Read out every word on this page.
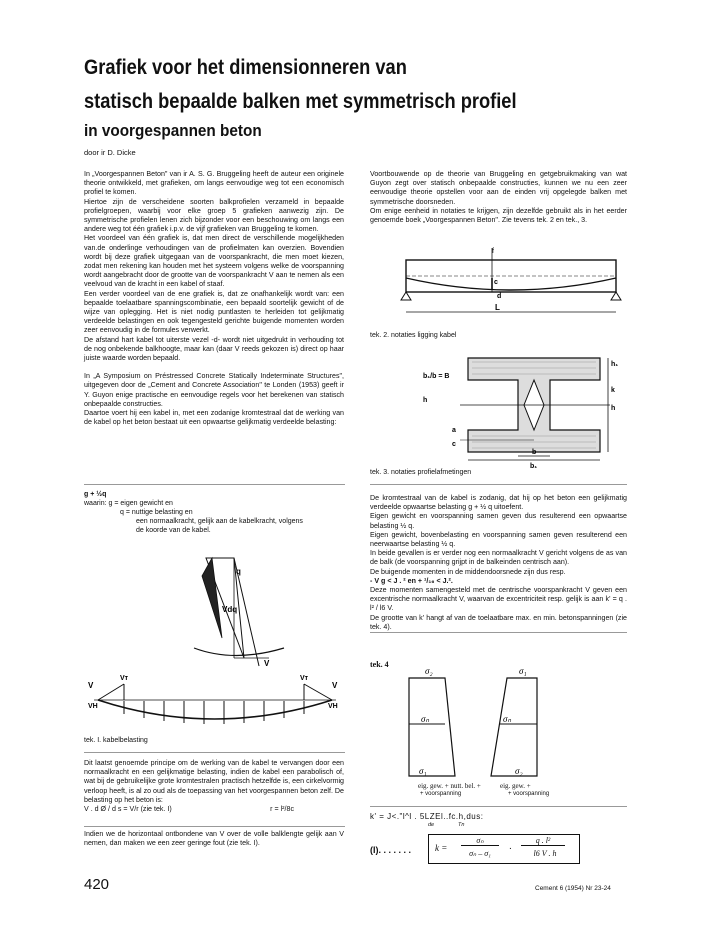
Grafiek voor het dimensionneren van
statisch bepaalde balken met symmetrisch profiel
in voorgespannen beton
door ir D. Dicke

In „Voorgespannen Beton" van ir A. S. G. Bruggeling heeft de auteur een originele theorie ontwikkeld, met grafieken, om langs eenvoudige weg tot een economisch profiel te komen.

Hiertoe zijn de verscheidene soorten balkprofielen verzameld in bepaalde profielgroepen, waarbij voor elke groep 5 grafieken aanwezig zijn. De symmetrische profielen lenen zich bijzonder voor een beschouwing om langs een andere weg tot één grafiek i.p.v. de vijf grafieken van Bruggeling te komen.

Het voordeel van één grafiek is, dat men direct de verschillende mogelijkheden van.de onderlinge verhoudingen van de profielmaten kan overzien. Bovendien wordt bij deze grafiek uitgegaan van de voorspankracht, die men moet kiezen, zodat men rekening kan houden met het systeem volgens welke de voorspanning wordt aangebracht door de grootte van de voorspankracht V aan te nemen als een veelvoud van de kracht in een kabel of staaf.

Een verder voordeel van de ene grafiek is, dat ze onafhankelijk wordt van: een bepaalde toelaatbare spanningscombinatie, een bepaald soortelijk gewicht of de wijze van oplegging. Het is niet nodig puntlasten te herleiden tot gelijkmatig verdeelde belastingen en ook tegengesteld gerichte buigende momenten worden zeer eenvoudig in de formules verwerkt.

De afstand hart kabel tot uiterste vezel -d- wordt niet uitgedrukt in verhouding tot de nog onbekende balkhoogte, maar kan (daar V reeds gekozen is) direct op haar juiste waarde worden bepaald.

In „A Symposium on Préstressed Concrete Statically Indeterminate Structures", uitgegeven door de „Cement and Concrete Association" te Londen (1953) geeft ir Y. Guyon enige practische en eenvoudige regels voor het berekenen van statisch onbepaalde constructies.

Daartoe voert hij een kabel in, met een zodanige kromtestraal dat de werking van de kabel op het beton bestaat uit een opwaartse gelijkmatig verdeelde belasting:

g + ½q
waarin: g = eigen gewicht en
q = nuttige belasting en
een normaalkracht, gelijk aan de kabelkracht, volgens
de koorde van de kabel.
q
Vdq
V
V
Vт
VH
V
Vт
VH
tek. I. kabelbelasting

Dit laatst genoemde principe om de werking van de kabel te vervangen door een normaalkracht en een gelijkmatige belasting, indien de kabel een parabolisch of, wat bij de gebruikelijke grote kromtestralen practisch hetzelfde is, een cirkelvormig verloop heeft, is al zo oud als de toepassing van het voorgespannen beton zelf. De belasting op het beton is:

V . d Ø / d s = V/r (zie tek. I)	r = l²/8c

Indien we de horizontaal ontbondene van V over de volle balklengte gelijk aan V nemen, dan maken we een zeer geringe fout (zie tek. I).

Voortbouwende op de theorie van Bruggeling en getgebruikmaking van wat Guyon zegt over statisch onbepaalde constructies, kunnen we nu een zeer eenvoudige theorie opstellen voor aan de einden vrij opgelegde balken met symmetrische doorsneden.

Om enige eenheid in notaties te krijgen, zijn dezelfde gebruikt als in het eerder genoemde boek „Voorgespannen Beton". Zie tevens tek. 2 en tek., 3.

f
c
d
L
tek. 2. notaties ligging kabel
b₁/b = B
h
h₁
k
h
a
c
b
b₁
tek. 3. notaties profielafmetingen

De kromtestraal van de kabel is zodanig, dat hij op het beton een gelijkmatig verdeelde opwaartse belasting g + ½ q uitoefent.

Eigen gewicht en voorspanning samen geven dus resulterend een opwaartse belasting ½ q.

Eigen gewicht, bovenbelasting en voorspanning samen geven resulterend een neerwaartse belasting ½ q.

In beide gevallen is er verder nog een normaalkracht V gericht volgens de as van de balk (de voorspanning grijpt in de balkeinden centrisch aan).

De buigende momenten in de middendoorsnede zijn dus resp.

- V g < J . ² en + ¹/₁₆ < J.².

Deze momenten samengesteld met de centrische voorspankracht V geven een excentrische normaalkracht V, waarvan de excentriciteit resp. gelijk is aan k' = q . l² / l6 V.

De grootte van k' hangt af van de toelaatbare max. en min. betonspanningen (zie tek. 4).

tek. 4
σ₂
σₙ
σ₁
σ₁
σₙ
σ₂
eig. gew. + nutt. bel. +
+ voorspanning
eig. gew. +
+ voorspanning
k' = J<."l^l . 5LZEl..fc.h,dus:
de	Tn
(I). . . . . . .	k =
σₙ
σₙ – σ₁
.
q . l²
l6 V . h
420	Cement 6 (1954) Nr 23-24
